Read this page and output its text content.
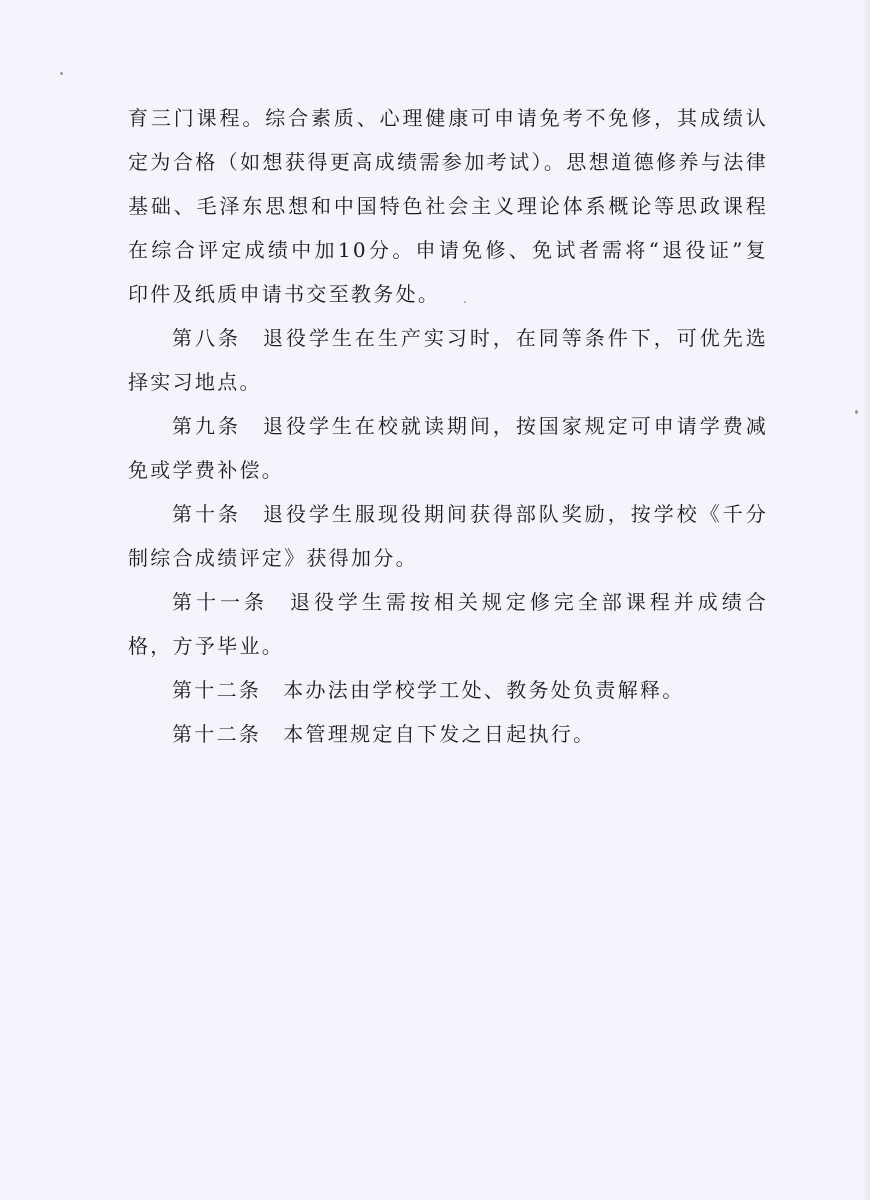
育三门课程。综合素质、心理健康可申请免考不免修，其成绩认
定为合格（如想获得更高成绩需参加考试）。思想道德修养与法律
基础、毛泽东思想和中国特色社会主义理论体系概论等思政课程
在综合评定成绩中加10分。申请免修、免试者需将“退役证”复
印件及纸质申请书交至教务处。
第八条 退役学生在生产实习时，在同等条件下，可优先选
择实习地点。
第九条 退役学生在校就读期间，按国家规定可申请学费减
免或学费补偿。
第十条 退役学生服现役期间获得部队奖励，按学校《千分
制综合成绩评定》获得加分。
第十一条 退役学生需按相关规定修完全部课程并成绩合
格，方予毕业。
第十二条 本办法由学校学工处、教务处负责解释。
第十二条 本管理规定自下发之日起执行。
